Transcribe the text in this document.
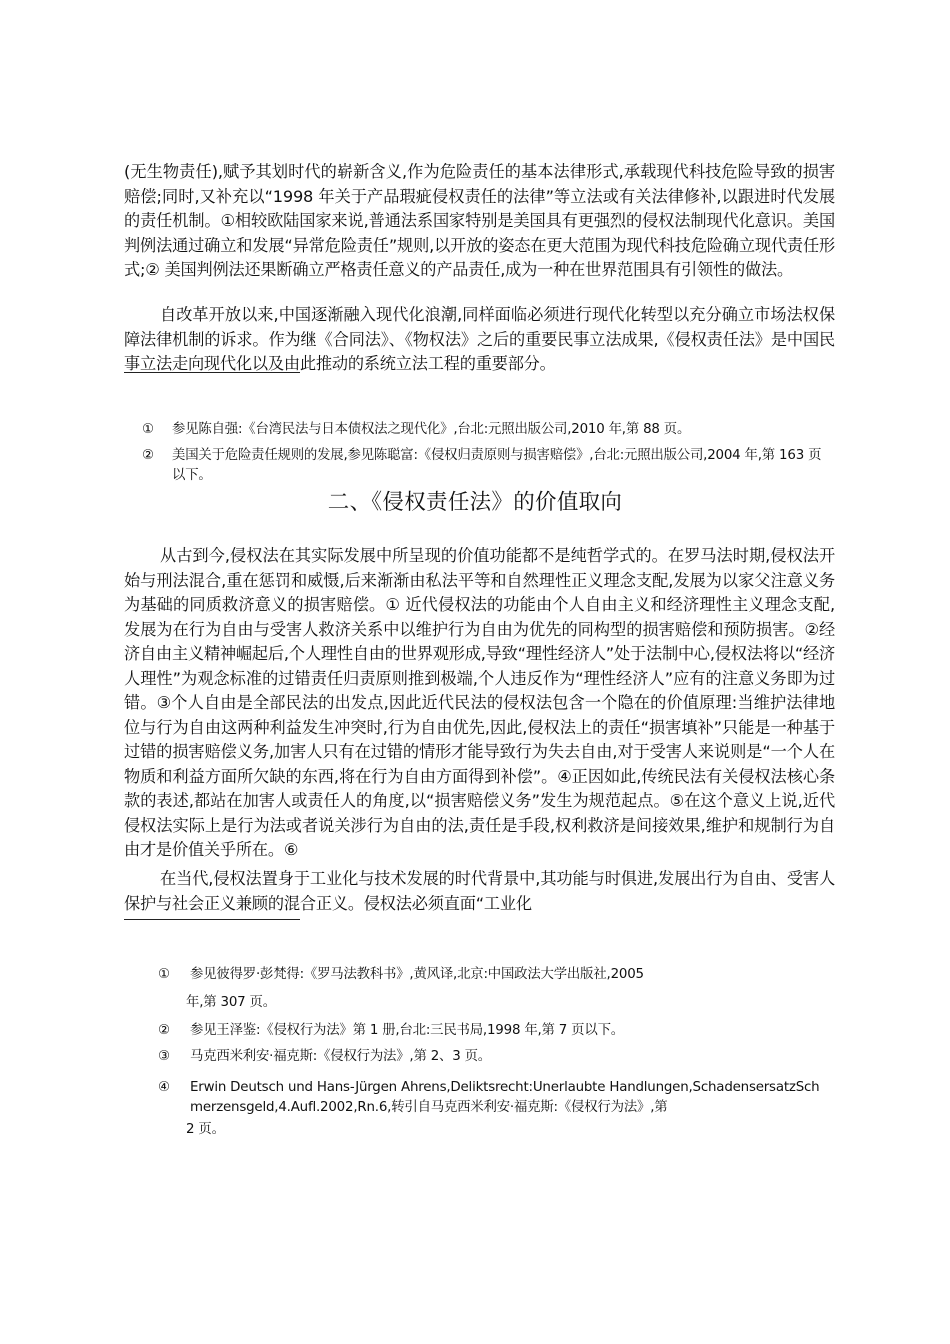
(无生物责任),赋予其划时代的崭新含义,作为危险责任的基本法律形式,承载现代科技危险导致的损害赔偿;同时,又补充以“1998 年关于产品瑕疵侵权责任的法律”等立法或有关法律修补,以跟进时代发展的责任机制。①相较欧陆国家来说,普通法系国家特别是美国具有更强烈的侵权法制现代化意识。美国判例法通过确立和发展“异常危险责任”规则,以开放的姿态在更大范围为现代科技危险确立现代责任形式;② 美国判例法还果断确立严格责任意义的产品责任,成为一种在世界范围具有引领性的做法。

自改革开放以来,中国逐渐融入现代化浪潮,同样面临必须进行现代化转型以充分确立市场法权保障法律机制的诉求。作为继《合同法》、《物权法》之后的重要民事立法成果,《侵权责任法》是中国民事立法走向现代化以及由此推动的系统立法工程的重要部分。

① 参见陈自强:《台湾民法与日本债权法之现代化》,台北:元照出版公司,2010 年,第 88 页。
② 美国关于危险责任规则的发展,参见陈聪富:《侵权归责原则与损害赔偿》,台北:元照出版公司,2004 年,第 163 页以下。
二、《侵权责任法》的价值取向

从古到今,侵权法在其实际发展中所呈现的价值功能都不是纯哲学式的。在罗马法时期,侵权法开始与刑法混合,重在惩罚和威慑,后来渐渐由私法平等和自然理性正义理念支配,发展为以家父注意义务为基础的同质救济意义的损害赔偿。① 近代侵权法的功能由个人自由主义和经济理性主义理念支配,发展为在行为自由与受害人救济关系中以维护行为自由为优先的同构型的损害赔偿和预防损害。②经济自由主义精神崛起后,个人理性自由的世界观形成,导致“理性经济人”处于法制中心,侵权法将以“经济人理性”为观念标准的过错责任归责原则推到极端,个人违反作为“理性经济人”应有的注意义务即为过错。③个人自由是全部民法的出发点,因此近代民法的侵权法包含一个隐在的价值原理:当维护法律地位与行为自由这两种利益发生冲突时,行为自由优先,因此,侵权法上的责任“损害填补”只能是一种基于过错的损害赔偿义务,加害人只有在过错的情形才能导致行为失去自由,对于受害人来说则是“一个人在物质和利益方面所欠缺的东西,将在行为自由方面得到补偿”。④正因如此,传统民法有关侵权法核心条款的表述,都站在加害人或责任人的角度,以“损害赔偿义务”发生为规范起点。⑤在这个意义上说,近代侵权法实际上是行为法或者说关涉行为自由的法,责任是手段,权利救济是间接效果,维护和规制行为自由才是价值关乎所在。⑥

在当代,侵权法置身于工业化与技术发展的时代背景中,其功能与时俱进,发展出行为自由、受害人保护与社会正义兼顾的混合正义。侵权法必须直面“工业化

① 参见彼得罗·彭梵得:《罗马法教科书》,黄风译,北京:中国政法大学出版社,2005
年,第 307 页。
② 参见王泽鉴:《侵权行为法》第 1 册,台北:三民书局,1998 年,第 7 页以下。
③ 马克西米利安·福克斯:《侵权行为法》,第 2、3 页。
④ Erwin Deutsch und Hans-Jürgen Ahrens,Deliktsrecht:Unerlaubte Handlungen,SchadensersatzSchmerzensgeld,4.Aufl.2002,Rn.6,转引自马克西米利安·福克斯:《侵权行为法》,第
2 页。
